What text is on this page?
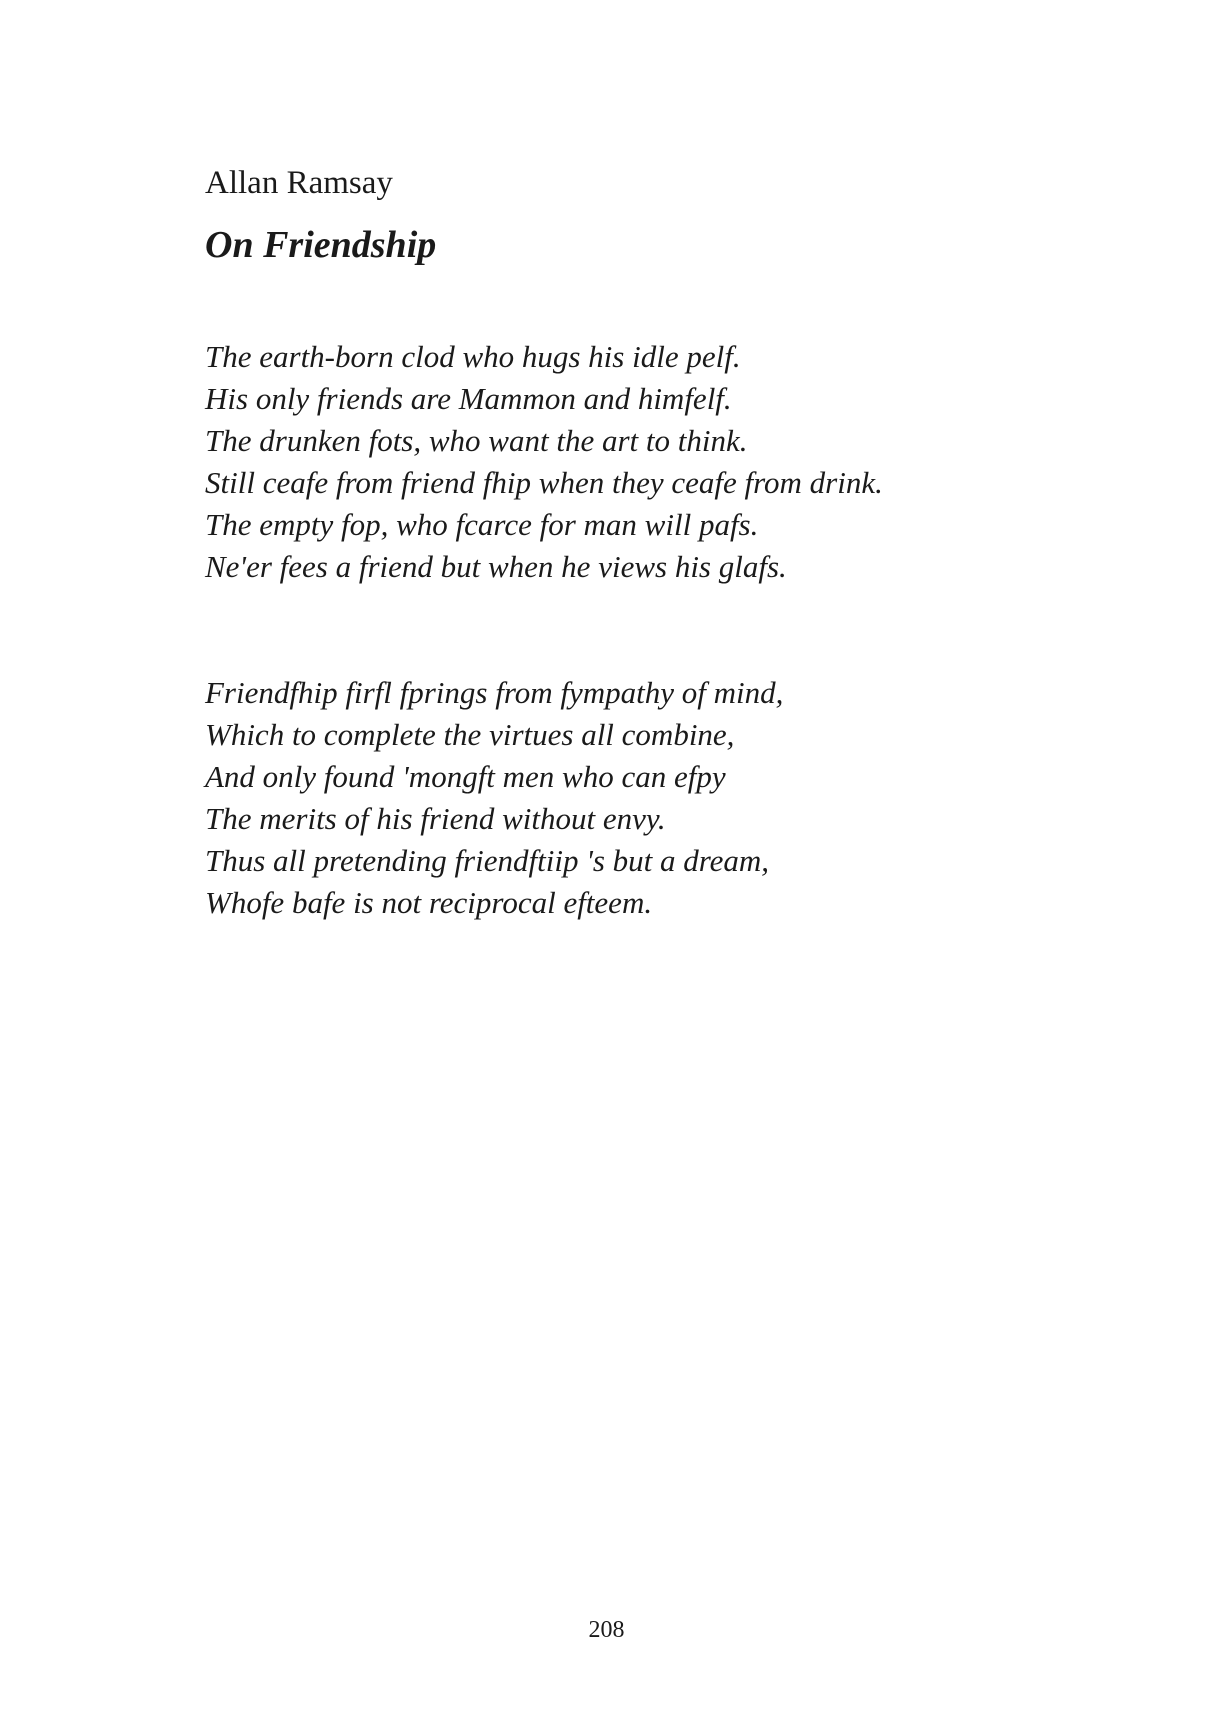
Allan Ramsay
On Friendship
The earth-born clod who hugs his idle pelf.
His only friends are Mammon and himfelf.
The drunken fots, who want the art to think.
Still ceafe from friend fhip when they ceafe from drink.
The empty fop, who fcarce for man will pafs.
Ne'er fees a friend but when he views his glafs.
Friendfhip firfl fprings from fympathy of mind,
Which to complete the virtues all combine,
And only found 'mongft men who can efpy
The merits of his friend without envy.
Thus all pretending friendftiip 's but a dream,
Whofe bafe is not reciprocal efteem.
208
